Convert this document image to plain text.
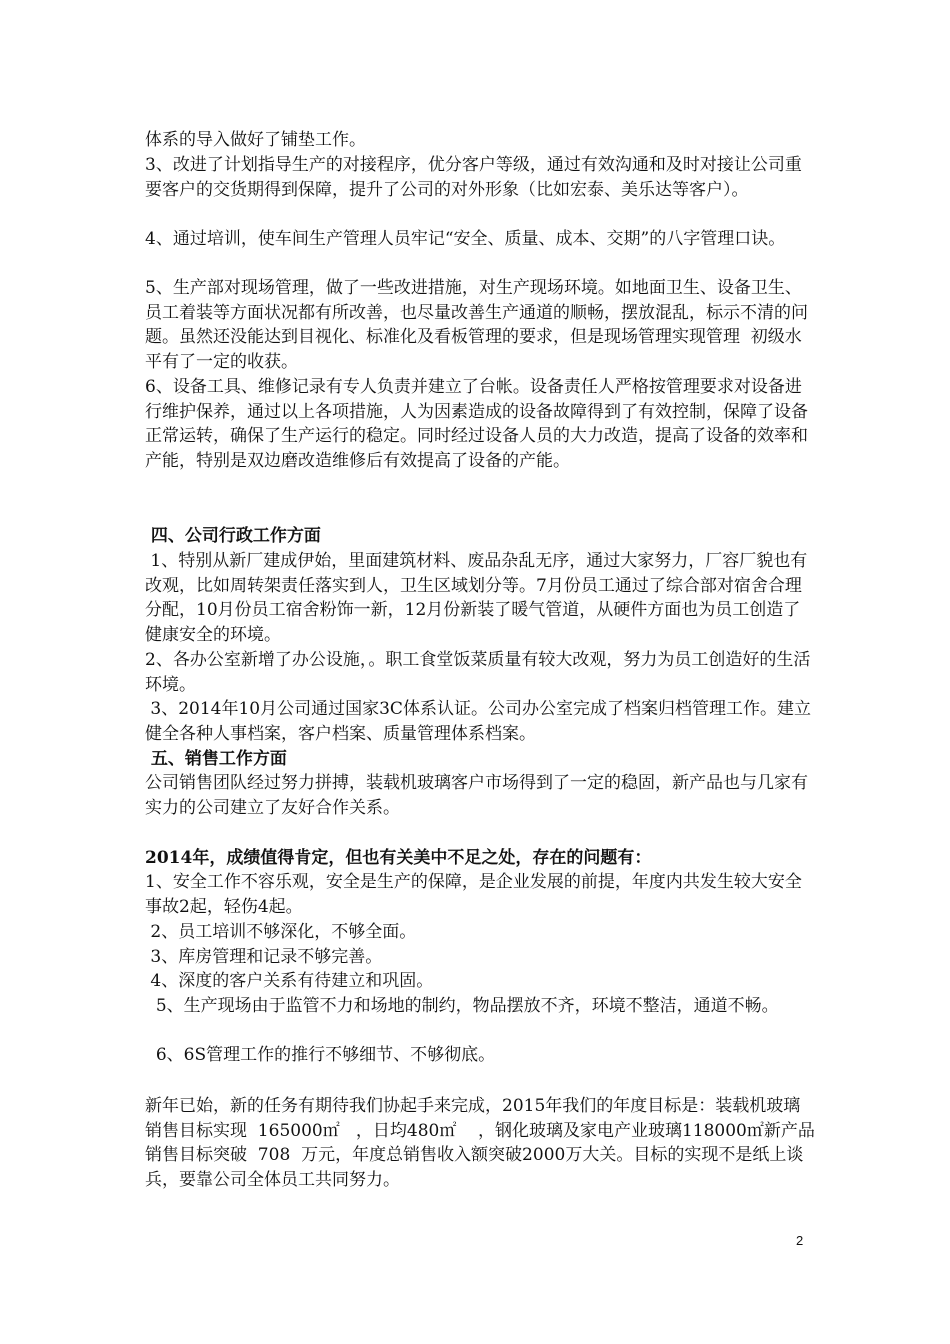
体系的导入做好了铺垫工作。

3、改进了计划指导生产的对接程序，优分客户等级，通过有效沟通和及时对接让公司重要客户的交货期得到保障，提升了公司的对外形象（比如宏泰、美乐达等客户）。

4、通过培训，使车间生产管理人员牢记“安全、质量、成本、交期”的八字管理口诀。

5、生产部对现场管理，做了一些改进措施，对生产现场环境。如地面卫生、设备卫生、员工着装等方面状况都有所改善，也尽量改善生产通道的顺畅，摆放混乱，标示不清的问题。虽然还没能达到目视化、标准化及看板管理的要求，但是现场管理实现管理  初级水平有了一定的收获。

6、设备工具、维修记录有专人负责并建立了台帐。设备责任人严格按管理要求对设备进行维护保养，通过以上各项措施，人为因素造成的设备故障得到了有效控制，保障了设备正常运转，确保了生产运行的稳定。同时经过设备人员的大力改造，提高了设备的效率和产能，特别是双边磨改造维修后有效提高了设备的产能。

四、公司行政工作方面

1、特别从新厂建成伊始，里面建筑材料、废品杂乱无序，通过大家努力，厂容厂貌也有改观，比如周转架责任落实到人，卫生区域划分等。7月份员工通过了综合部对宿舍合理分配，10月份员工宿舍粉饰一新，12月份新装了暖气管道，从硬件方面也为员工创造了健康安全的环境。

2、各办公室新增了办公设施，。职工食堂饭菜质量有较大改观，努力为员工创造好的生活环境。

3、2014年10月公司通过国家3C体系认证。公司办公室完成了档案归档管理工作。建立健全各种人事档案，客户档案、质量管理体系档案。

五、销售工作方面

公司销售团队经过努力拼搏，装载机玻璃客户市场得到了一定的稳固，新产品也与几家有实力的公司建立了友好合作关系。

2014年，成绩值得肯定，但也有关美中不足之处，存在的问题有：

1、安全工作不容乐观，安全是生产的保障，是企业发展的前提，年度内共发生较大安全事故2起，轻伤4起。

2、员工培训不够深化，不够全面。

3、库房管理和记录不够完善。

4、深度的客户关系有待建立和巩固。

5、生产现场由于监管不力和场地的制约，物品摆放不齐，环境不整洁，通道不畅。

6、6S管理工作的推行不够细节、不够彻底。

新年已始，新的任务有期待我们协起手来完成，2015年我们的年度目标是：装载机玻璃销售目标实现  165000㎡   ，日均480㎡    ，钢化玻璃及家电产业玻璃118000㎡新产品销售目标突破  708  万元，年度总销售收入额突破2000万大关。目标的实现不是纸上谈兵，要靠公司全体员工共同努力。

2
